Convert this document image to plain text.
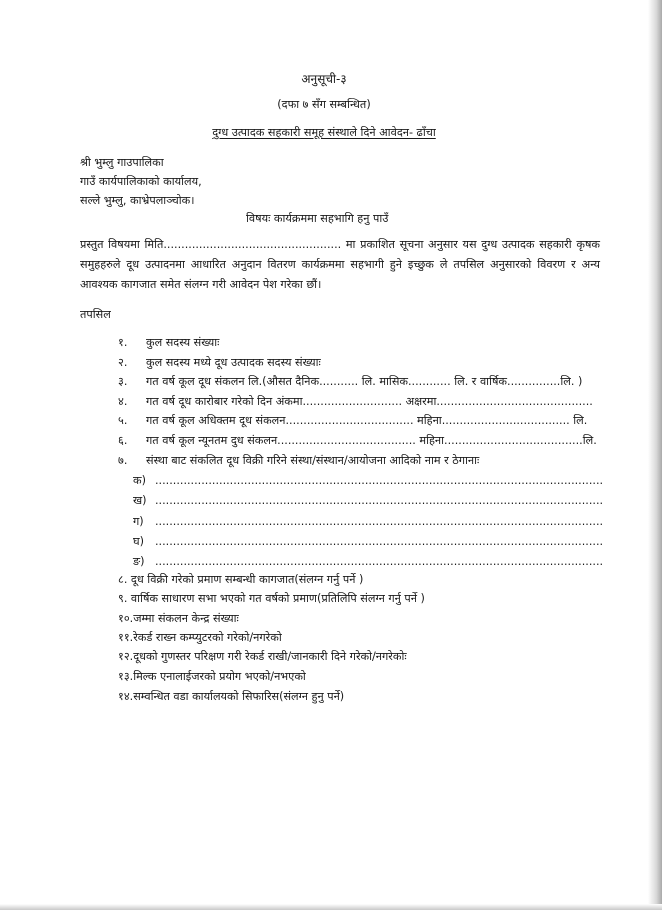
अनुसूची-३
(दफा ७ सँग सम्बन्धित)
दुग्ध उत्पादक सहकारी समूह संस्थाले दिने आवेदन- ढाँचा
श्री भुम्लु गाउपालिका
गाउँ कार्यपालिकाको कार्यालय,
सल्ले भुम्लु, काभ्रेपलाञ्चोक।
विषयः कार्यक्रममा सहभागि हनु पाउँ
प्रस्तुत विषयमा मिति.................................................. मा प्रकाशित सूचना अनुसार यस दुग्ध उत्पादक सहकारी कृषक समुहहरुले दूध उत्पादनमा आधारित अनुदान वितरण कार्यक्रममा सहभागी हुने इच्छुक ले तपसिल अनुसारको विवरण र अन्य आवश्यक कागजात समेत संलग्न गरी आवेदन पेश गरेका छौं।
तपसिल
१.	कुल सदस्य संख्याः
२.	कुल सदस्य मध्ये दूध उत्पादक सदस्य संख्याः
३.	गत वर्ष कूल दूध संकलन लि.(औसत दैनिक........... लि. मासिक............ लि. र वार्षिक...............लि. )
४.	गत वर्ष दूध कारोबार गरेको दिन अंकमा............................ अक्षरमा............................................
५.	गत वर्ष कूल अधिक्तम दूध संकलन.................................... महिना.................................... लि.
६.	गत वर्ष कूल न्यूनतम दुध संकलन....................................... महिना.......................................लि.
७.	संस्था बाट संकलित दूध विक्री गरिने संस्था/संस्थान/आयोजना आदिको नाम र ठेगानाः
क) ..............................................................................................................................
ख) ..............................................................................................................................
ग) ..............................................................................................................................
घ) ..............................................................................................................................
ङ) ..............................................................................................................................
८. दूध विक्री गरेको प्रमाण सम्बन्धी कागजात(संलग्न गर्नु पर्ने )
९. वार्षिक साधारण सभा भएको गत वर्षको प्रमाण(प्रतिलिपि संलग्न गर्नु पर्ने )
१०.जम्मा संकलन केन्द्र संख्याः
११.रेकर्ड राख्न कम्प्युटरको गरेको/नगरेको
१२.दूधको गुणस्तर परिक्षण गरी रेकर्ड राखी/जानकारी दिने गरेको/नगरेकोः
१३.मिल्क एनालाईजरको प्रयोग भएको/नभएको
१४.सम्वन्धित वडा कार्यालयको सिफारिस(संलग्न हुनु पर्ने)
